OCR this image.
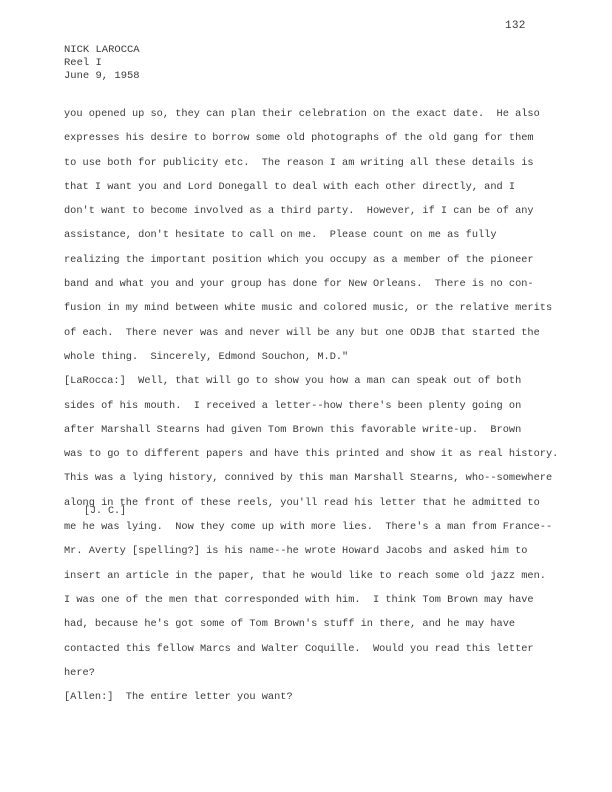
132
NICK LAROCCA
Reel I
June 9, 1958
you opened up so, they can plan their celebration on the exact date.  He also
expresses his desire to borrow some old photographs of the old gang for them
to use both for publicity etc.  The reason I am writing all these details is
that I want you and Lord Donegall to deal with each other directly, and I
don't want to become involved as a third party.  However, if I can be of any
assistance, don't hesitate to call on me.  Please count on me as fully
realizing the important position which you occupy as a member of the pioneer
band and what you and your group has done for New Orleans.  There is no con-
fusion in my mind between white music and colored music, or the relative merits
of each.  There never was and never will be any but one ODJB that started the
whole thing.  Sincerely, Edmond Souchon, M.D."
[LaRocca:]  Well, that will go to show you how a man can speak out of both
sides of his mouth.  I received a letter--how there's been plenty going on
after Marshall Stearns had given Tom Brown this favorable write-up.  Brown
was to go to different papers and have this printed and show it as real history.
This was a lying history, connived by this man Marshall Stearns, who--somewhere
along in the front of these reels, you'll read his letter that he admitted to
me he was lying.  Now they come up with more lies.  There's a man from France--
Mr. Averty [spelling?] is his name--he wrote Howard Jacobs and asked him to
insert an article in the paper, that he would like to reach some old jazz men.
I was one of the men that corresponded with him.  I think Tom Brown may have
had, because he's got some of Tom Brown's stuff in there, and he may have
contacted this fellow Marcs and Walter Coquille.  Would you read this letter
here?
[Allen:]  The entire letter you want?
[J. C.]
